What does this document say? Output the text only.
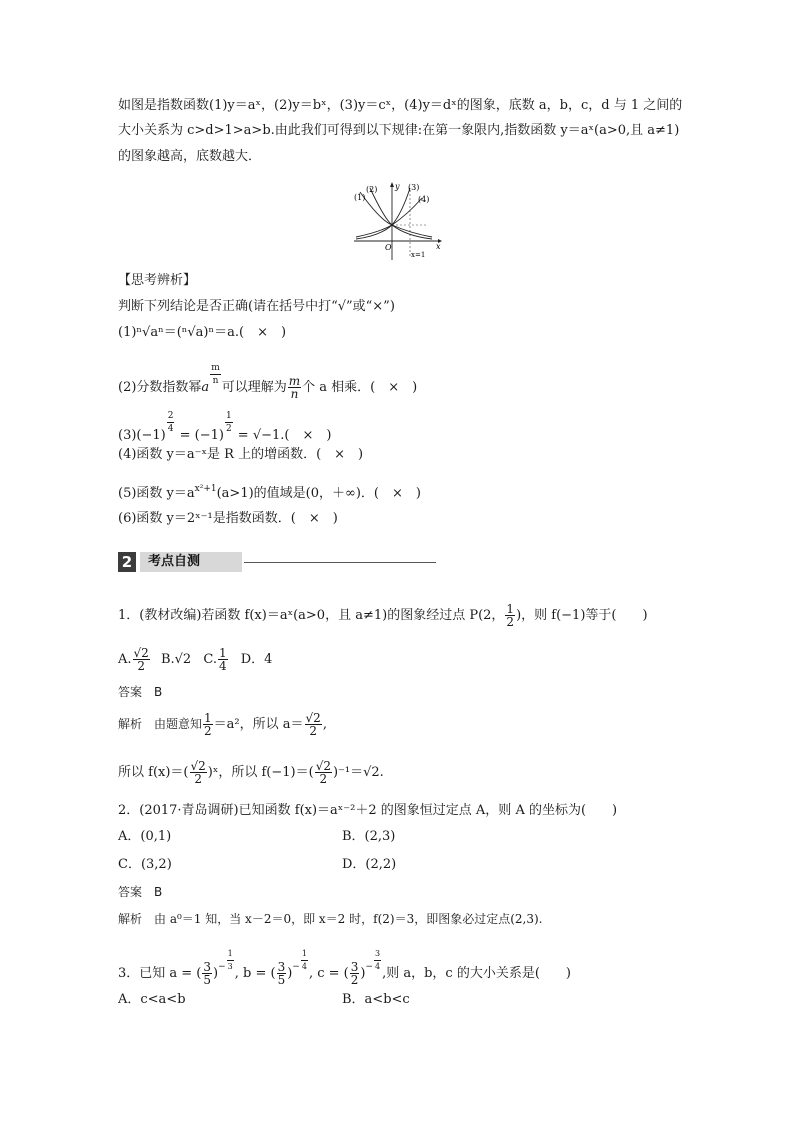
如图是指数函数(1)y＝aˣ，(2)y＝bˣ，(3)y＝cˣ，(4)y＝dˣ的图象，底数 a，b，c，d 与 1 之间的
大小关系为 c>d>1>a>b.由此我们可得到以下规律:在第一象限内,指数函数 y＝aˣ(a>0,且 a≠1)
的图象越高，底数越大．
(1)
(2)	(3)
(4)
y
x
O
x=1
【思考辨析】
判断下列结论是否正确(请在括号中打“√”或“×”)
(1)ⁿ√aⁿ＝(ⁿ√a)ⁿ＝a.(　×　)
(2)分数指数幂a
$\frac{m}{n}$
可以理解为 $\frac{m}{n}$ 个 a 相乘．(　×　)
(3)(−1)
$\frac{2}{4}$
= (−1)
$\frac{1}{2}$
= √−1.(　×　)
(4)函数 y＝a⁻ˣ是 R 上的增函数．(　×　)
(5)函数 $y=a^{x^2+1}(a>1)$的值域是(0，＋∞)．(　×　)
(6)函数 y＝2ˣ⁻¹是指数函数．(　×　)
2 考点自测
1．(教材改编)若函数 f(x)＝aˣ(a>0，且 a≠1)的图象经过点 P(2， $\frac{1}{2}$ )，则 f(−1)等于(　　)
A. $\frac{√2}{2} B.√2$ C. $\frac{1}{4}$ D．4
答案 B
解析 由题意知 $\frac{1}{2} =a^2$，所以 $a= \frac{√2}{2}$ ,
所以 $f(x)=( \frac{√2}{2}$ )ˣ，所以 $f(-1)=( \frac{√2}{2} )^{-1}=√2$.
2．(2017·青岛调研)已知函数 f(x)＝aˣ⁻²＋2 的图象恒过定点 A，则 A 的坐标为(　　)
A．(0,1)	B．(2,3)
C．(3,2)	D．(2,2)
答案 B
解析 由 a⁰＝1 知，当 x－2＝0，即 x＝2 时，f(2)＝3，即图象必过定点(2,3).
3．已知 a = ( $\frac{3}{5} )^- \frac{1}{3}$
, b = ( $\frac{3}{5} )^- \frac{1}{4}$
, c = ( $\frac{3}{2} )^- \frac{3}{4}$
,则 a，b，c 的大小关系是(　　)
A．c<a<b	B．a<b<c
